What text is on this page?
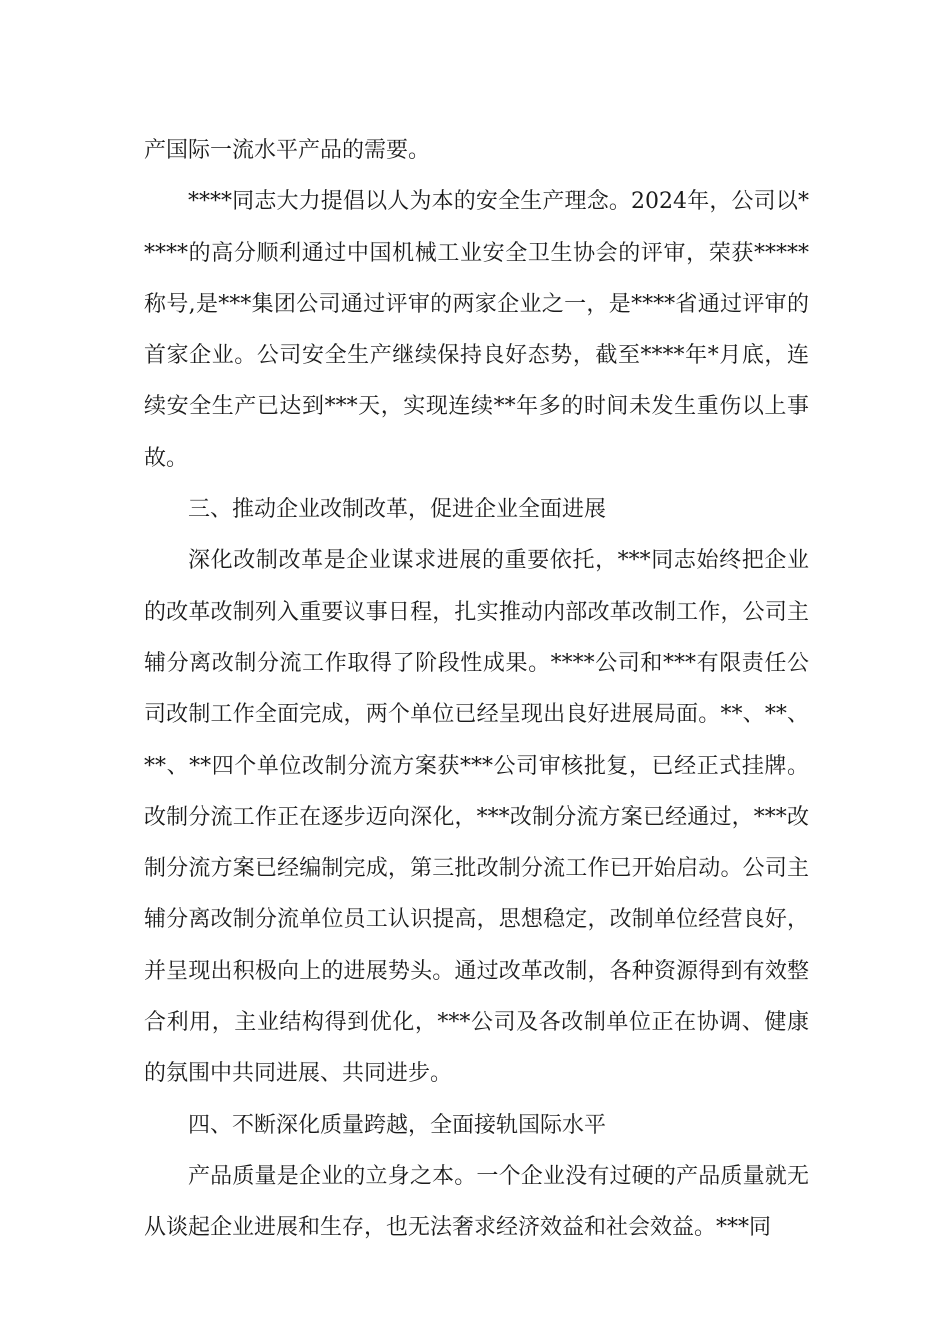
产国际一流水平产品的需要。

****同志大力提倡以人为本的安全生产理念。2024年，公司以*****的高分顺利通过中国机械工业安全卫生协会的评审，荣获*****称号,是***集团公司通过评审的两家企业之一，是****省通过评审的首家企业。公司安全生产继续保持良好态势，截至****年*月底，连续安全生产已达到***天，实现连续**年多的时间未发生重伤以上事故。

三、推动企业改制改革，促进企业全面进展

深化改制改革是企业谋求进展的重要依托，***同志始终把企业的改革改制列入重要议事日程，扎实推动内部改革改制工作，公司主辅分离改制分流工作取得了阶段性成果。****公司和***有限责任公司改制工作全面完成，两个单位已经呈现出良好进展局面。**、**、**、**四个单位改制分流方案获***公司审核批复，已经正式挂牌。改制分流工作正在逐步迈向深化，***改制分流方案已经通过，***改制分流方案已经编制完成，第三批改制分流工作已开始启动。公司主辅分离改制分流单位员工认识提高，思想稳定，改制单位经营良好，并呈现出积极向上的进展势头。通过改革改制，各种资源得到有效整合利用，主业结构得到优化，***公司及各改制单位正在协调、健康的氛围中共同进展、共同进步。

四、不断深化质量跨越，全面接轨国际水平

产品质量是企业的立身之本。一个企业没有过硬的产品质量就无从谈起企业进展和生存，也无法奢求经济效益和社会效益。***同
